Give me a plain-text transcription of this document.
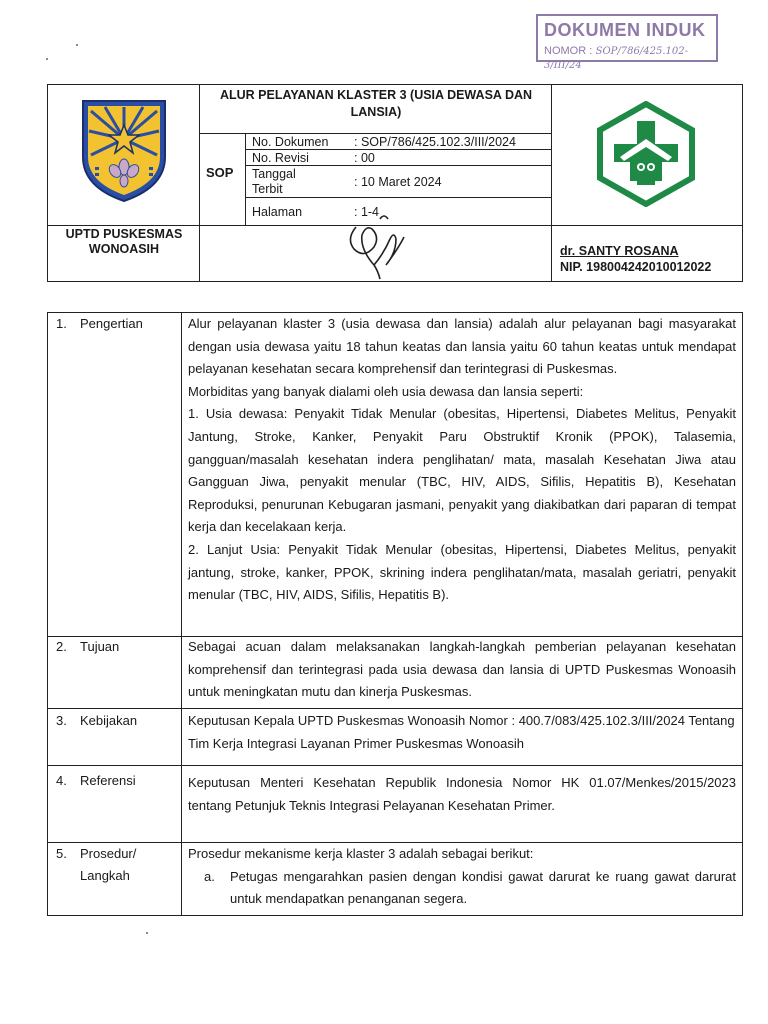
DOKUMEN INDUK
NOMOR : SOP/786/425.102-3/III/24
UPTD PUSKESMAS WONOASIH
ALUR PELAYANAN KLASTER 3 (USIA DEWASA DAN LANSIA)
SOP
No. Dokumen : SOP/786/425.102.3/III/2024
No. Revisi	: 00
Tanggal Terbit	: 10 Maret 2024
Halaman	: 1-4
dr. SANTY ROSANA
NIP. 198004242010012022
1. Pengertian	Alur pelayanan klaster 3 (usia dewasa dan lansia) adalah alur pelayanan bagi masyarakat dengan usia dewasa yaitu 18 tahun keatas dan lansia yaitu 60 tahun keatas untuk mendapat pelayanan kesehatan secara komprehensif dan terintegrasi di Puskesmas.

Morbiditas yang banyak dialami oleh usia dewasa dan lansia seperti:

1. Usia dewasa: Penyakit Tidak Menular (obesitas, Hipertensi, Diabetes Melitus, Penyakit Jantung, Stroke, Kanker, Penyakit Paru Obstruktif Kronik (PPOK), Talasemia, gangguan/masalah kesehatan indera penglihatan/ mata, masalah Kesehatan Jiwa atau Gangguan Jiwa, penyakit menular (TBC, HIV, AIDS, Sifilis, Hepatitis B), Kesehatan Reproduksi, penurunan Kebugaran jasmani, penyakit yang diakibatkan dari paparan di tempat kerja dan kecelakaan kerja.

2. Lanjut Usia: Penyakit Tidak Menular (obesitas, Hipertensi, Diabetes Melitus, penyakit jantung, stroke, kanker, PPOK, skrining indera penglihatan/mata, masalah geriatri, penyakit menular (TBC, HIV, AIDS, Sifilis, Hepatitis B).

2. Tujuan	Sebagai acuan dalam melaksanakan langkah-langkah pemberian pelayanan kesehatan komprehensif dan terintegrasi pada usia dewasa dan lansia di UPTD Puskesmas Wonoasih untuk meningkatan mutu dan kinerja Puskesmas.
3. Kebijakan	Keputusan Kepala UPTD Puskesmas Wonoasih Nomor : 400.7/083/425.102.3/III/2024 Tentang Tim Kerja Integrasi Layanan Primer Puskesmas Wonoasih
4. Referensi	Keputusan Menteri Kesehatan Republik Indonesia Nomor HK 01.07/Menkes/2015/2023 tentang Petunjuk Teknis Integrasi Pelayanan Kesehatan Primer.
5. Prosedur/
Langkah

Prosedur mekanisme kerja klaster 3 adalah sebagai berikut:

a.	Petugas mengarahkan pasien dengan kondisi gawat darurat ke ruang gawat darurat untuk mendapatkan penanganan segera.
